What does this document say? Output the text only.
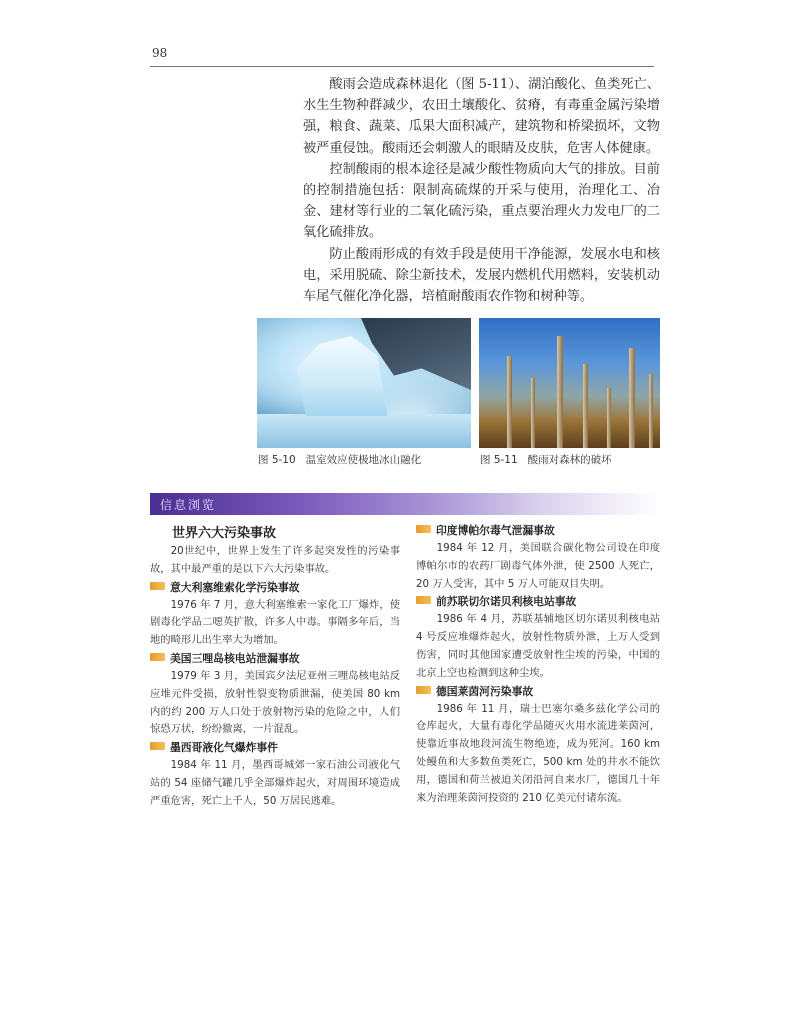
98

酸雨会造成森林退化（图 5-11）、湖泊酸化、鱼类死亡、水生生物种群减少，农田土壤酸化、贫瘠，有毒重金属污染增强，粮食、蔬菜、瓜果大面积减产，建筑物和桥梁损坏，文物被严重侵蚀。酸雨还会刺激人的眼睛及皮肤，危害人体健康。

控制酸雨的根本途径是减少酸性物质向大气的排放。目前的控制措施包括：限制高硫煤的开采与使用，治理化工、冶金、建材等行业的二氧化硫污染，重点要治理火力发电厂的二氧化硫排放。

防止酸雨形成的有效手段是使用干净能源，发展水电和核电，采用脱硫、除尘新技术，发展内燃机代用燃料，安装机动车尾气催化净化器，培植耐酸雨农作物和树种等。

图 5-10 温室效应使极地冰山融化	图 5-11 酸雨对森林的破坏
信息浏览
世界六大污染事故

20世纪中，世界上发生了许多起突发性的污染事故，其中最严重的是以下六大污染事故。

意大利塞维索化学污染事故

1976 年 7 月，意大利塞维索一家化工厂爆炸，使剧毒化学品二噁英扩散，许多人中毒。事隔多年后，当地的畸形儿出生率大为增加。

美国三哩岛核电站泄漏事故

1979 年 3 月，美国宾夕法尼亚州三哩岛核电站反应堆元件受损，放射性裂变物质泄漏，使美国 80 km 内的约 200 万人口处于放射物污染的危险之中，人们惊恐万状，纷纷撤离，一片混乱。

墨西哥液化气爆炸事件

1984 年 11 月，墨西哥城郊一家石油公司液化气站的 54 座储气罐几乎全部爆炸起火，对周围环境造成严重危害，死亡上千人，50 万居民逃难。

印度博帕尔毒气泄漏事故

1984 年 12 月，美国联合碳化物公司设在印度博帕尔市的农药厂剧毒气体外泄，使 2500 人死亡，20 万人受害，其中 5 万人可能双目失明。

前苏联切尔诺贝利核电站事故

1986 年 4 月，苏联基辅地区切尔诺贝利核电站 4 号反应堆爆炸起火，放射性物质外泄，上万人受到伤害，同时其他国家遭受放射性尘埃的污染，中国的北京上空也检测到这种尘埃。

德国莱茵河污染事故

1986 年 11 月，瑞士巴塞尔桑多兹化学公司的仓库起火，大量有毒化学品随灭火用水流进莱茵河，使靠近事故地段河流生物绝迹，成为死河。160 km 处鳗鱼和大多数鱼类死亡，500 km 处的井水不能饮用，德国和荷兰被迫关闭沿河自来水厂，德国几十年来为治理莱茵河投资的 210 亿美元付诸东流。
